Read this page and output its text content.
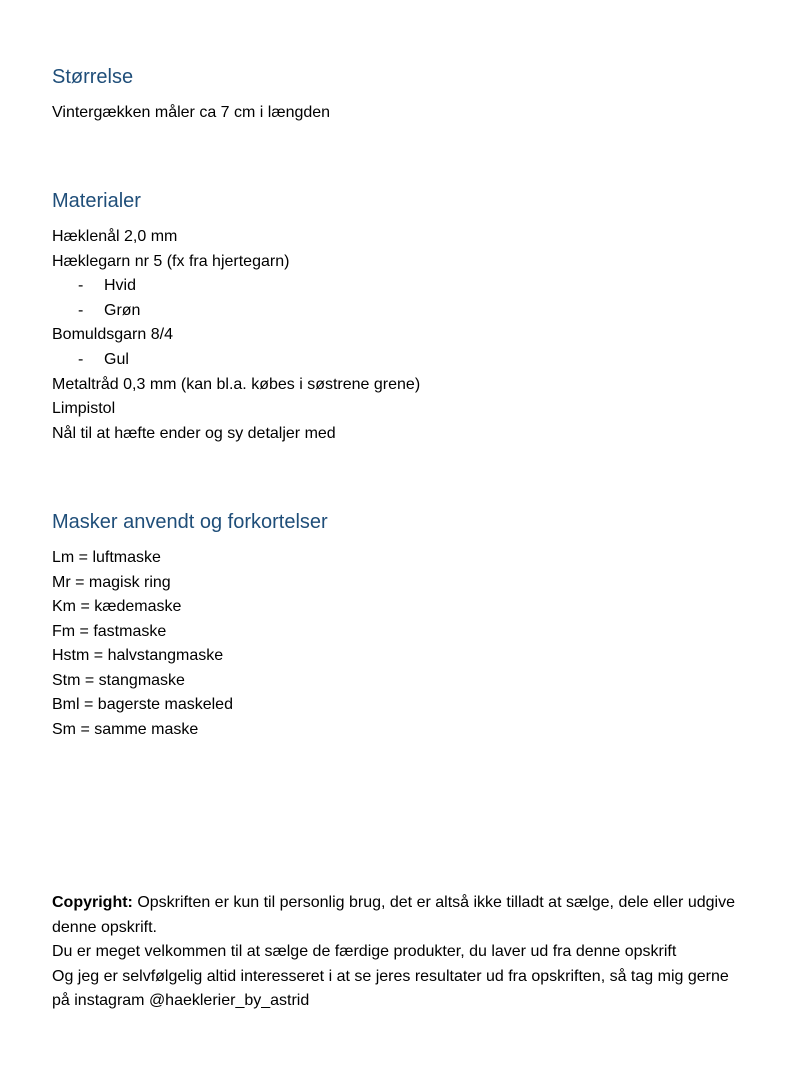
Størrelse
Vintergækken måler ca 7 cm i længden
Materialer
Hæklenål 2,0 mm
Hæklegarn nr 5 (fx fra hjertegarn)
- Hvid
- Grøn
Bomuldsgarn 8/4
- Gul
Metaltråd 0,3 mm (kan bl.a. købes i søstrene grene)
Limpistol
Nål til at hæfte ender og sy detaljer med
Masker anvendt og forkortelser
Lm = luftmaske
Mr = magisk ring
Km = kædemaske
Fm = fastmaske
Hstm = halvstangmaske
Stm = stangmaske
Bml = bagerste maskeled
Sm = samme maske

Copyright: Opskriften er kun til personlig brug, det er altså ikke tilladt at sælge, dele eller udgive denne opskrift.

Du er meget velkommen til at sælge de færdige produkter, du laver ud fra denne opskrift

Og jeg er selvfølgelig altid interesseret i at se jeres resultater ud fra opskriften, så tag mig gerne på instagram @haeklerier_by_astrid
